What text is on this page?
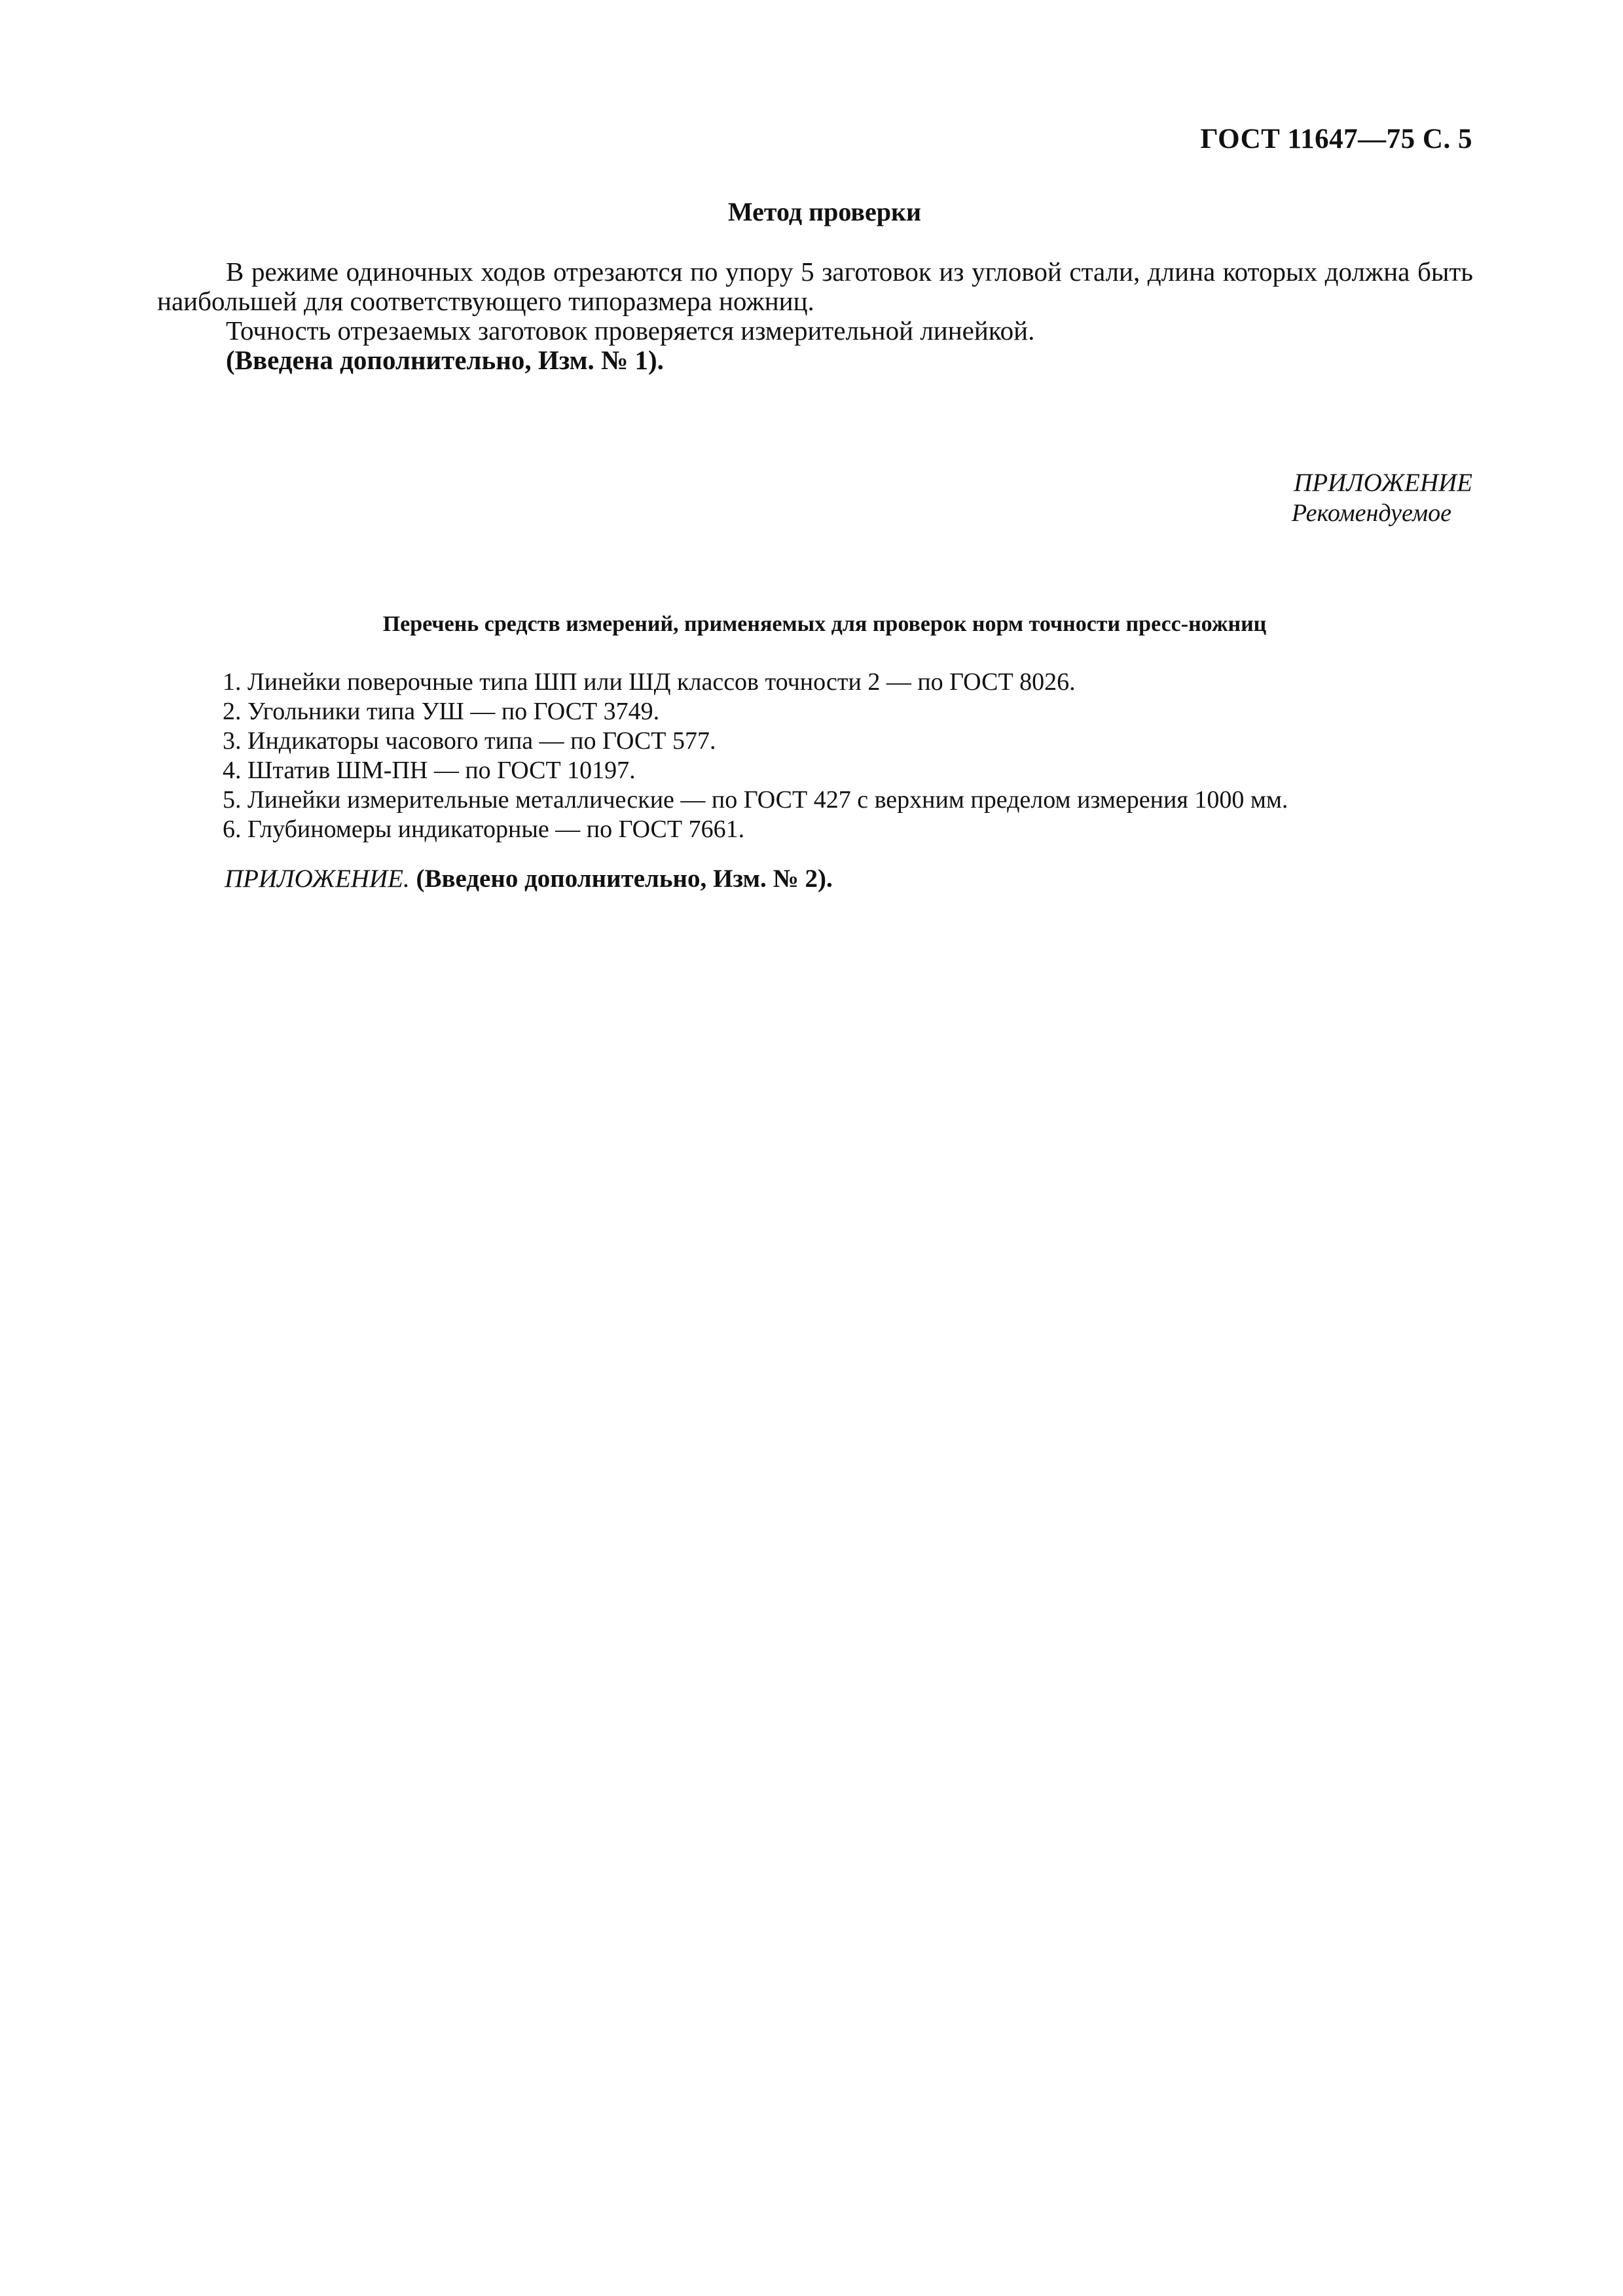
ГОСТ 11647—75 С. 5
Метод проверки

В режиме одиночных ходов отрезаются по упору 5 заготовок из угловой стали, длина которых должна быть наибольшей для соответствующего типоразмера ножниц.

Точность отрезаемых заготовок проверяется измерительной линейкой.

(Введена дополнительно, Изм. № 1).

ПРИЛОЖЕНИЕ
Рекомендуемое
Перечень средств измерений, применяемых для проверок норм точности пресс-ножниц
1. Линейки поверочные типа ШП или ШД классов точности 2 — по ГОСТ 8026.
2. Угольники типа УШ — по ГОСТ 3749.
3. Индикаторы часового типа — по ГОСТ 577.
4. Штатив ШМ-ПН — по ГОСТ 10197.
5. Линейки измерительные металлические — по ГОСТ 427 с верхним пределом измерения 1000 мм.
6. Глубиномеры индикаторные — по ГОСТ 7661.
ПРИЛОЖЕНИЕ. (Введено дополнительно, Изм. № 2).
